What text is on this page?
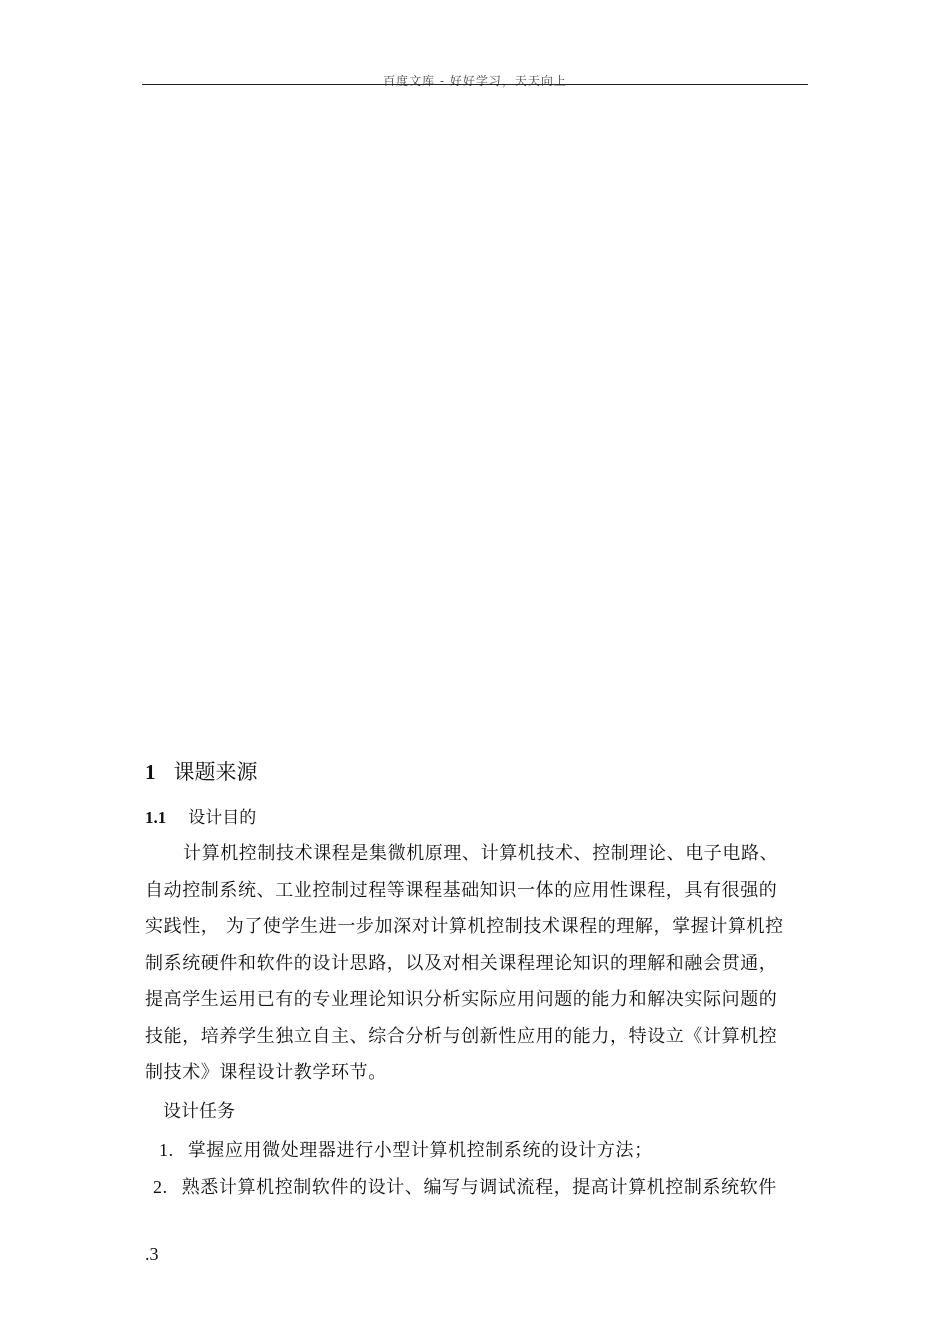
百度文库 - 好好学习，天天向上
1 课题来源
1.1 设计目的
计算机控制技术课程是集微机原理、计算机技术、控制理论、电子电路、
自动控制系统、工业控制过程等课程基础知识一体的应用性课程，具有很强的
实践性， 为了使学生进一步加深对计算机控制技术课程的理解，掌握计算机控
制系统硬件和软件的设计思路，以及对相关课程理论知识的理解和融会贯通，
提高学生运用已有的专业理论知识分析实际应用问题的能力和解决实际问题的
技能，培养学生独立自主、综合分析与创新性应用的能力，特设立《计算机控
制技术》课程设计教学环节。
设计任务
1. 掌握应用微处理器进行小型计算机控制系统的设计方法；
2. 熟悉计算机控制软件的设计、编写与调试流程，提高计算机控制系统软件
.3
